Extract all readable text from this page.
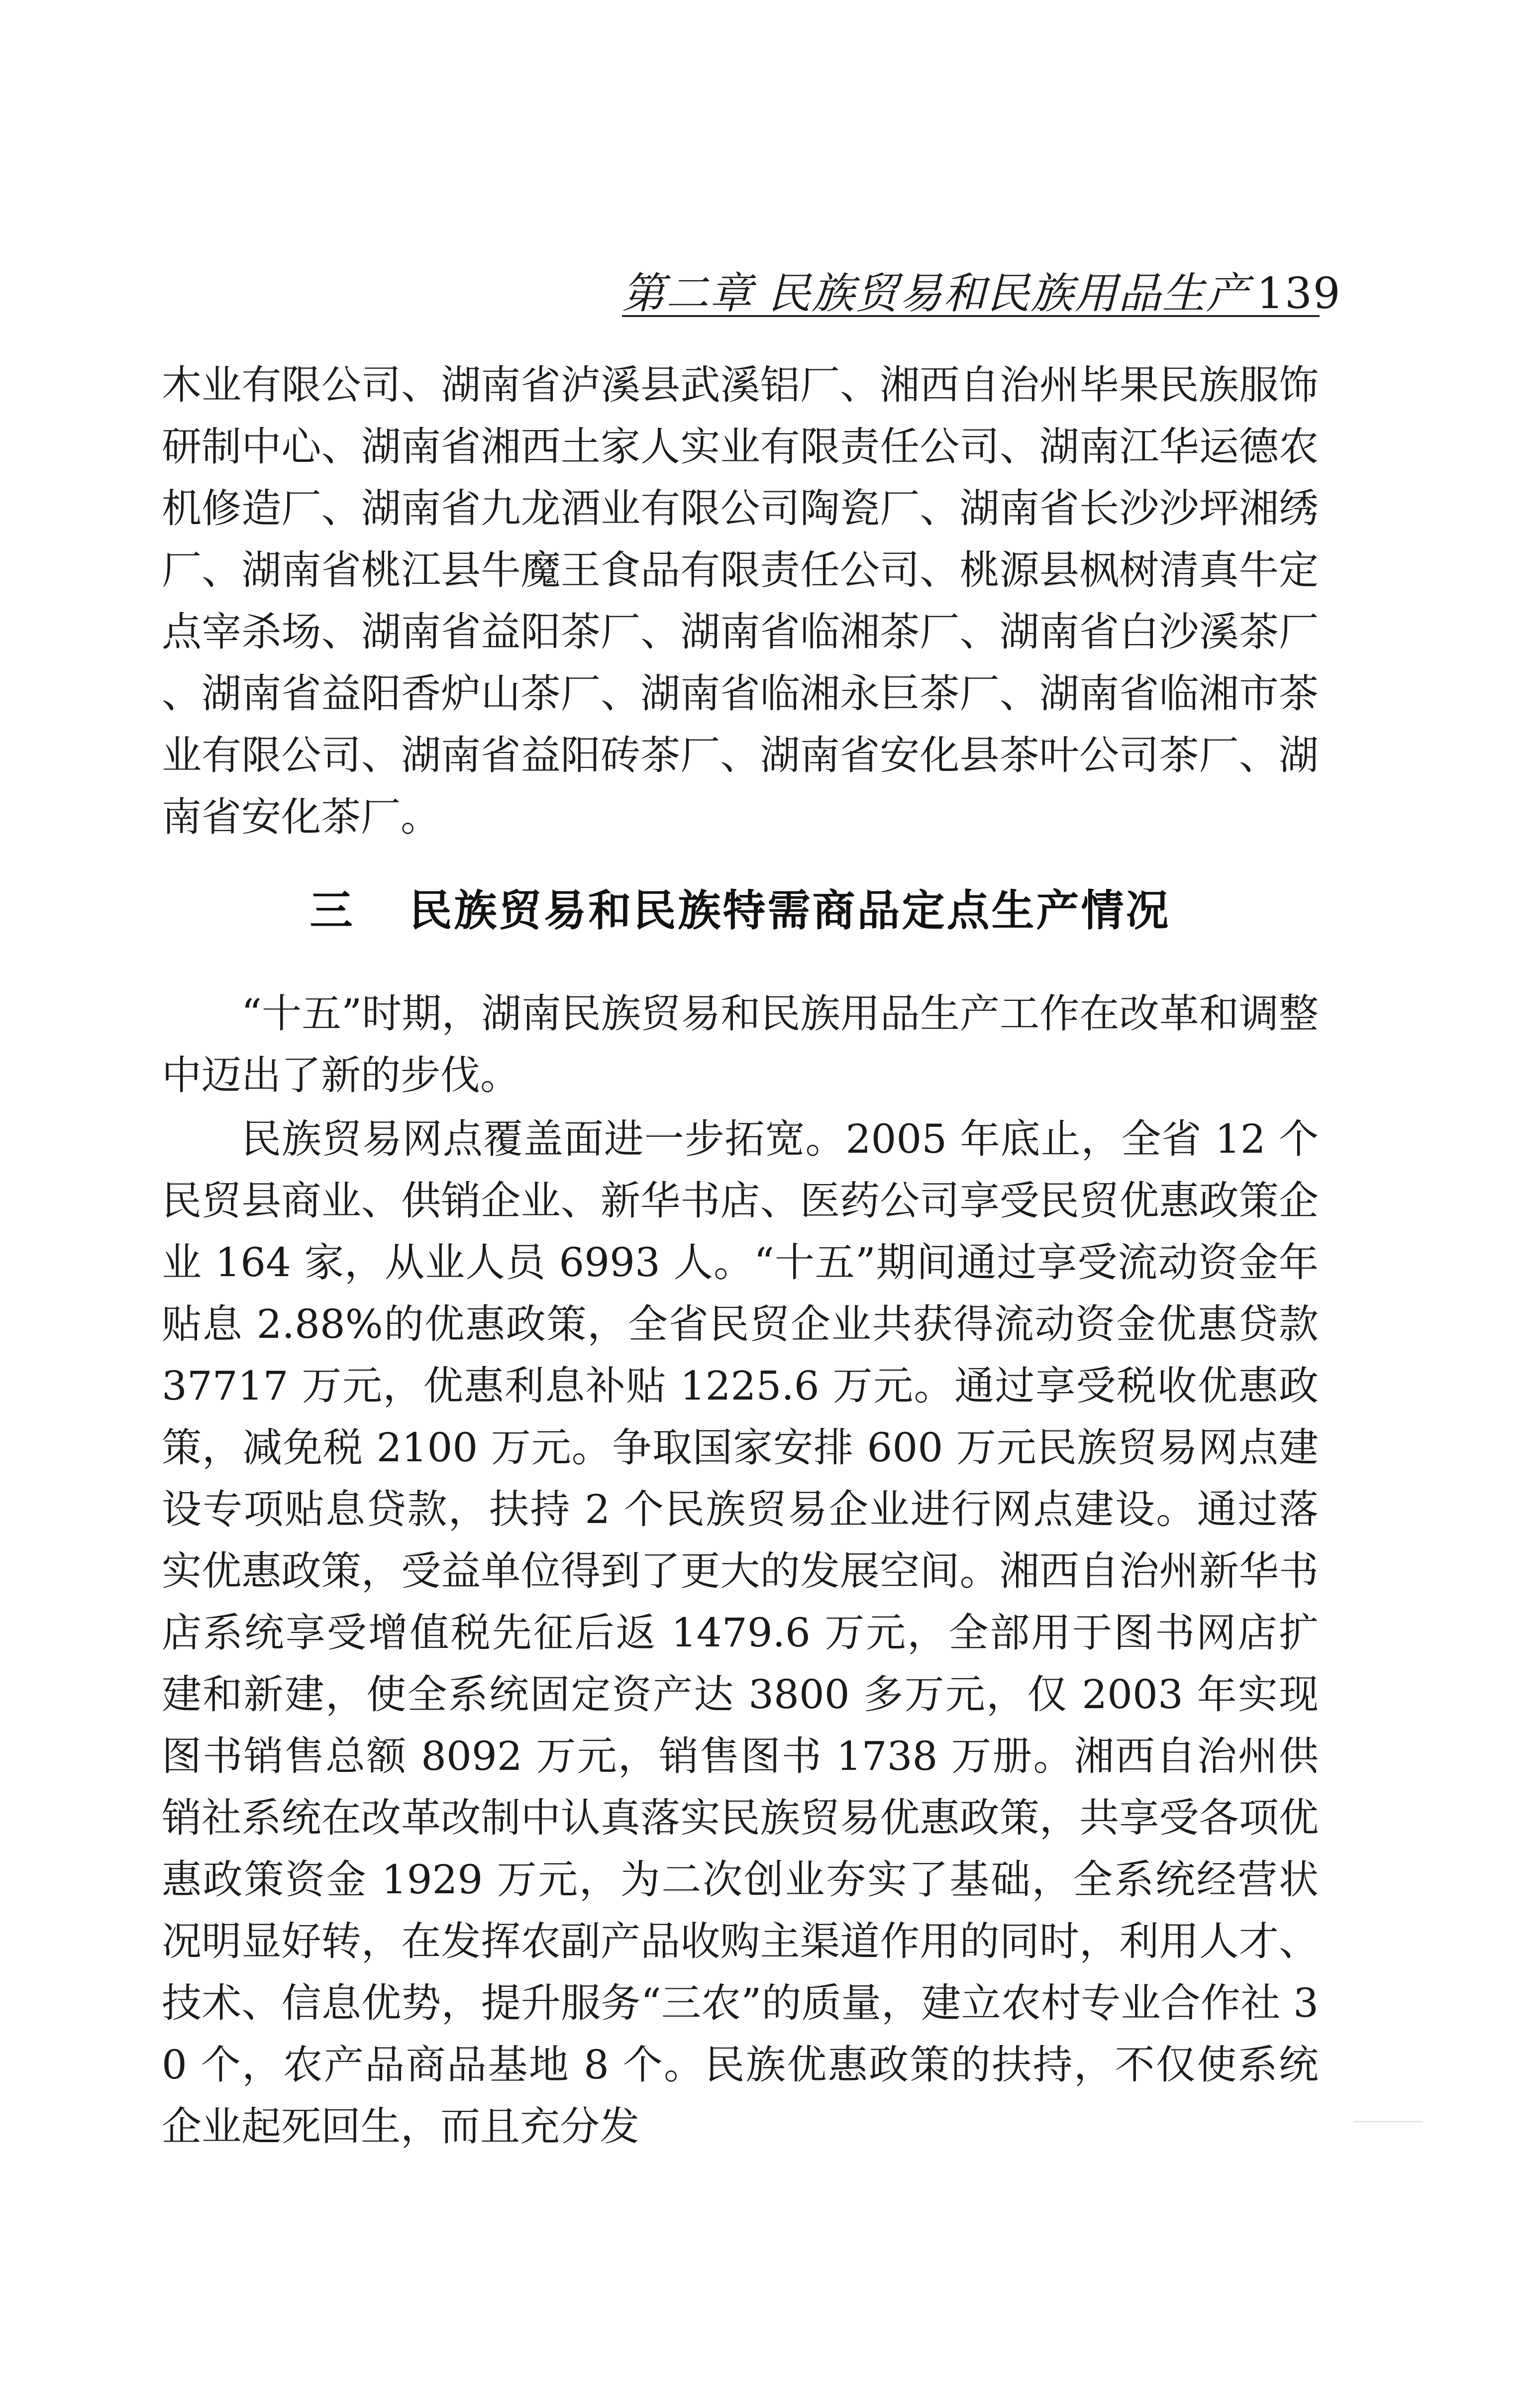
第二章 民族贸易和民族用品生产 139

木业有限公司、湖南省泸溪县武溪铝厂、湘西自治州毕果民族服饰研制中心、湖南省湘西土家人实业有限责任公司、湖南江华运德农机修造厂、湖南省九龙酒业有限公司陶瓷厂、湖南省长沙沙坪湘绣厂、湖南省桃江县牛魔王食品有限责任公司、桃源县枫树清真牛定点宰杀场、湖南省益阳茶厂、湖南省临湘茶厂、湖南省白沙溪茶厂、湖南省益阳香炉山茶厂、湖南省临湘永巨茶厂、湖南省临湘市茶业有限公司、湖南省益阳砖茶厂、湖南省安化县茶叶公司茶厂、湖南省安化茶厂。

三 民族贸易和民族特需商品定点生产情况

“十五”时期，湖南民族贸易和民族用品生产工作在改革和调整中迈出了新的步伐。

民族贸易网点覆盖面进一步拓宽。2005 年底止，全省 12 个民贸县商业、供销企业、新华书店、医药公司享受民贸优惠政策企业 164 家，从业人员 6993 人。“十五”期间通过享受流动资金年贴息 2.88%的优惠政策，全省民贸企业共获得流动资金优惠贷款 37717 万元，优惠利息补贴 1225.6 万元。通过享受税收优惠政策，减免税 2100 万元。争取国家安排 600 万元民族贸易网点建设专项贴息贷款，扶持 2 个民族贸易企业进行网点建设。通过落实优惠政策，受益单位得到了更大的发展空间。湘西自治州新华书店系统享受增值税先征后返 1479.6 万元，全部用于图书网店扩建和新建，使全系统固定资产达 3800 多万元，仅 2003 年实现图书销售总额 8092 万元，销售图书 1738 万册。湘西自治州供销社系统在改革改制中认真落实民族贸易优惠政策，共享受各项优惠政策资金 1929 万元，为二次创业夯实了基础，全系统经营状况明显好转，在发挥农副产品收购主渠道作用的同时，利用人才、技术、信息优势，提升服务“三农”的质量，建立农村专业合作社 30 个，农产品商品基地 8 个。民族优惠政策的扶持，不仅使系统企业起死回生，而且充分发
